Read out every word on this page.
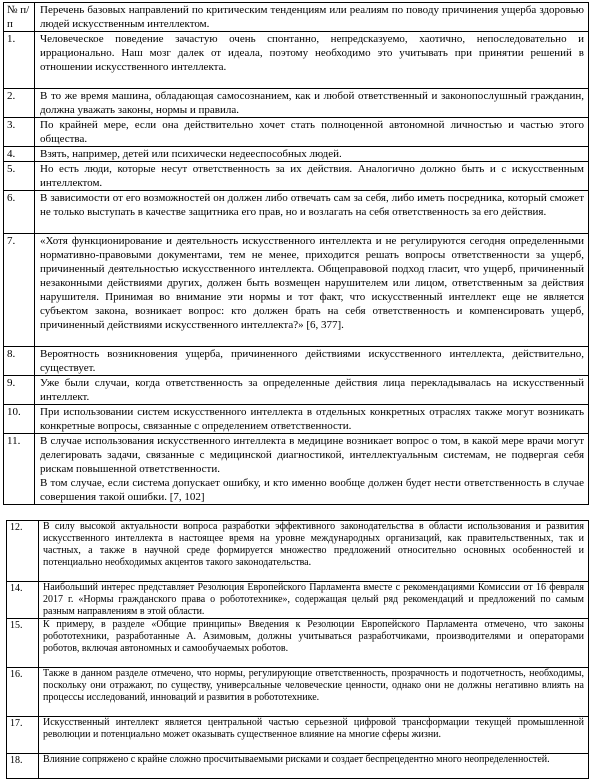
№ п/п	Перечень базовых направлений по критическим тенденциям или реалиям по поводу причинения ущерба здоровью людей искусственным интеллектом.
1.	Человеческое поведение зачастую очень спонтанно, непредсказуемо, хаотично, непоследовательно и иррационально. Наш мозг далек от идеала, поэтому необходимо это учитывать при принятии решений в отношении искусственного интеллекта.
2.	В то же время машина, обладающая самосознанием, как и любой ответственный и законопослушный гражданин, должна уважать законы, нормы и правила.
3.	По крайней мере, если она действительно хочет стать полноценной автономной личностью и частью этого общества.
4.	Взять, например, детей или психически недееспособных людей.
5.	Но есть люди, которые несут ответственность за их действия. Аналогично должно быть и с искусственным интеллектом.
6.	В зависимости от его возможностей он должен либо отвечать сам за себя, либо иметь посредника, который сможет не только выступать в качестве защитника его прав, но и возлагать на себя ответственность за его действия.
7.	«Хотя функционирование и деятельность искусственного интеллекта и не регулируются сегодня определенными нормативно-правовыми документами, тем не менее, приходится решать вопросы ответственности за ущерб, причиненный деятельностью искусственного интеллекта. Общеправовой подход гласит, что ущерб, причиненный незаконными действиями других, должен быть возмещен нарушителем или лицом, ответственным за действия нарушителя. Принимая во внимание эти нормы и тот факт, что искусственный интеллект еще не является субъектом закона, возникает вопрос: кто должен брать на себя ответственность и компенсировать ущерб, причиненный действиями искусственного интеллекта?» [6, 377].
8.	Вероятность возникновения ущерба, причиненного действиями искусственного интеллекта, действительно, существует.
9.	Уже были случаи, когда ответственность за определенные действия лица перекладывалась на искусственный интеллект.
10.	При использовании систем искусственного интеллекта в отдельных конкретных отраслях также могут возникать конкретные вопросы, связанные с определением ответственности.
11.	В случае использования искусственного интеллекта в медицине возникает вопрос о том, в какой мере врачи могут делегировать задачи, связанные с медицинской диагностикой, интеллектуальным системам, не подвергая себя рискам повышенной ответственности.
В том случае, если система допускает ошибку, и кто именно вообще должен будет нести ответственность в случае совершения такой ошибки. [7, 102]
12.	В силу высокой актуальности вопроса разработки эффективного законодательства в области использования и развития искусственного интеллекта в настоящее время на уровне международных организаций, как правительственных, так и частных, а также в научной среде формируется множество предложений относительно основных особенностей и потенциально необходимых акцентов такого законодательства.
14.	Наибольший интерес представляет Резолюция Европейского Парламента вместе с рекомендациями Комиссии от 16 февраля 2017 г. «Нормы гражданского права о робототехнике», содержащая целый ряд рекомендаций и предложений по самым разным направлениям в этой области.
15.	К примеру, в разделе «Общие принципы» Введения к Резолюции Европейского Парламента отмечено, что законы робототехники, разработанные А. Азимовым, должны учитываться разработчиками, производителями и операторами роботов, включая автономных и самообучаемых роботов.
16.	Также в данном разделе отмечено, что нормы, регулирующие ответственность, прозрачность и подотчетность, необходимы, поскольку они отражают, по существу, универсальные человеческие ценности, однако они не должны негативно влиять на процессы исследований, инноваций и развития в робототехнике.
17.	Искусственный интеллект является центральной частью серьезной цифровой трансформации текущей промышленной революции и потенциально может оказывать существенное влияние на многие сферы жизни.
18.	Влияние сопряжено с крайне сложно просчитываемыми рисками и создает беспрецедентно много неопределенностей.
